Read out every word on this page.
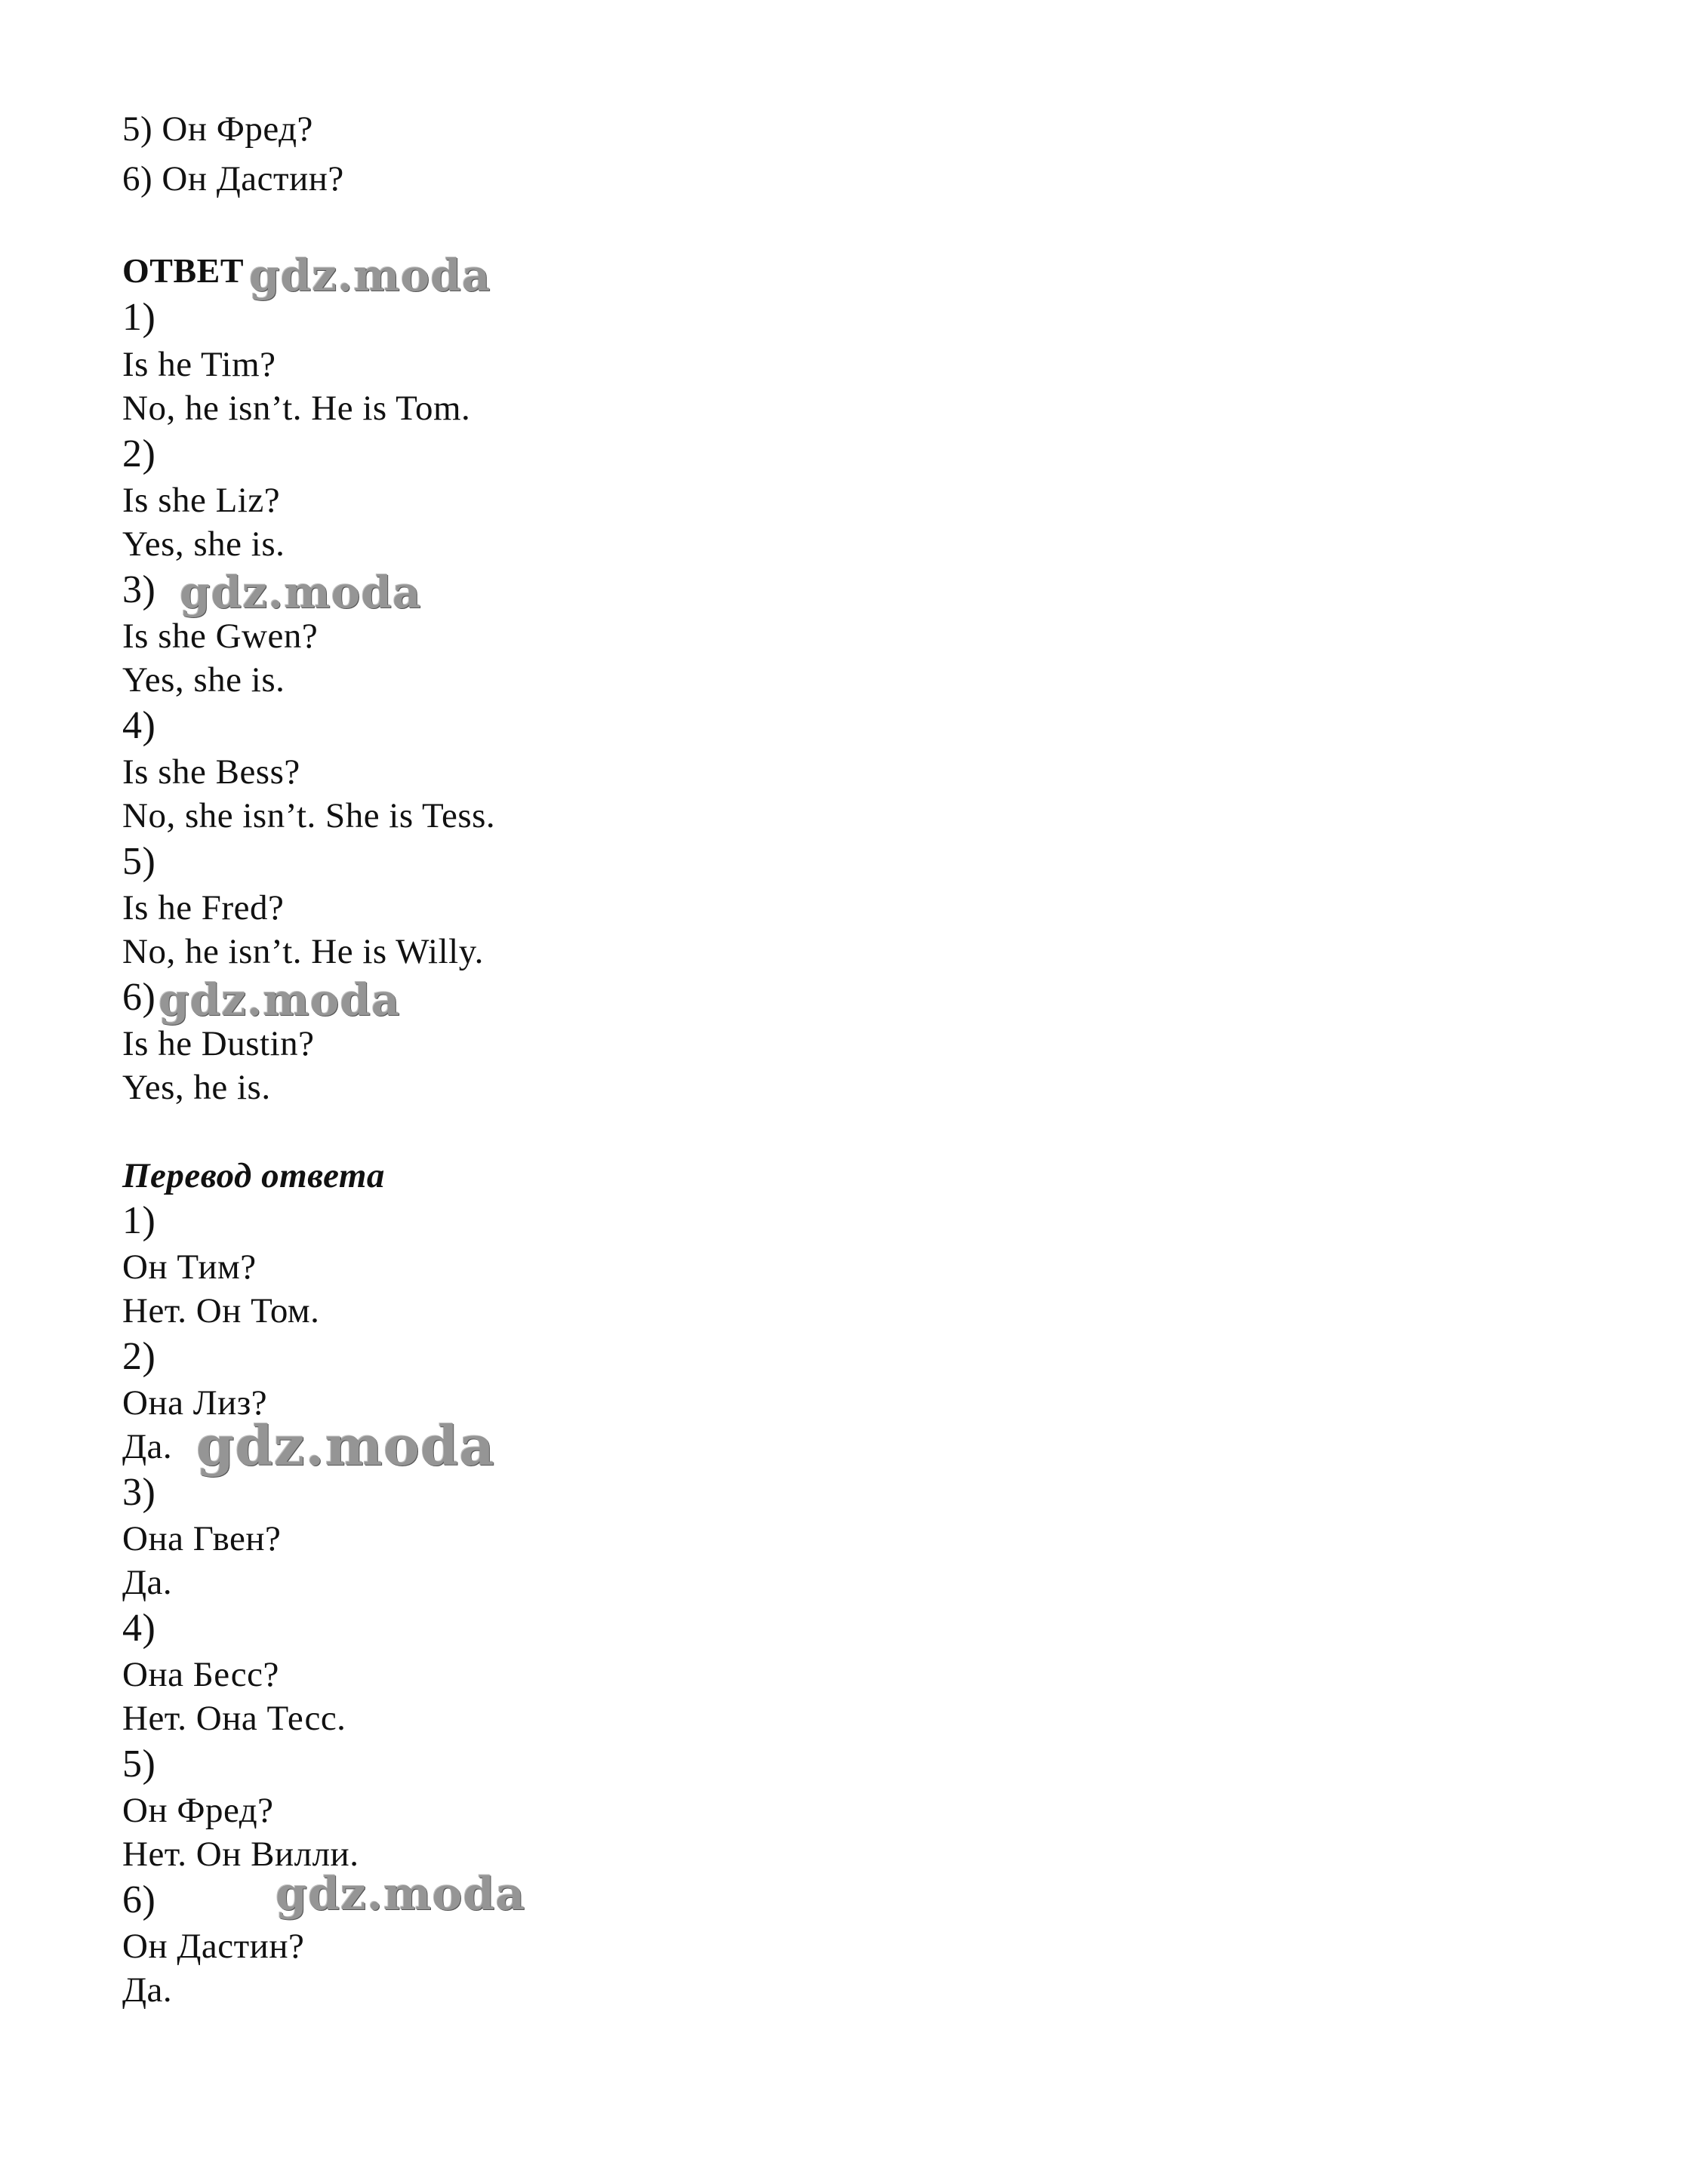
5) Он Фред?
6) Он Дастин?
ОТВЕТ
1)
Is he Tim?
No, he isn’t. He is Tom.
2)
Is she Liz?
Yes, she is.
3)
Is she Gwen?
Yes, she is.
4)
Is she Bess?
No, she isn’t. She is Tess.
5)
Is he Fred?
No, he isn’t. He is Willy.
6)
Is he Dustin?
Yes, he is.
Перевод ответа
1)
Он Тим?
Нет. Он Том.
2)
Она Лиз?
Да.
3)
Она Гвен?
Да.
4)
Она Бесс?
Нет. Она Тесс.
5)
Он Фред?
Нет. Он Вилли.
6)
Он Дастин?
Да.
gdz.moda
gdz.moda
gdz.moda
gdz.moda
gdz.moda
